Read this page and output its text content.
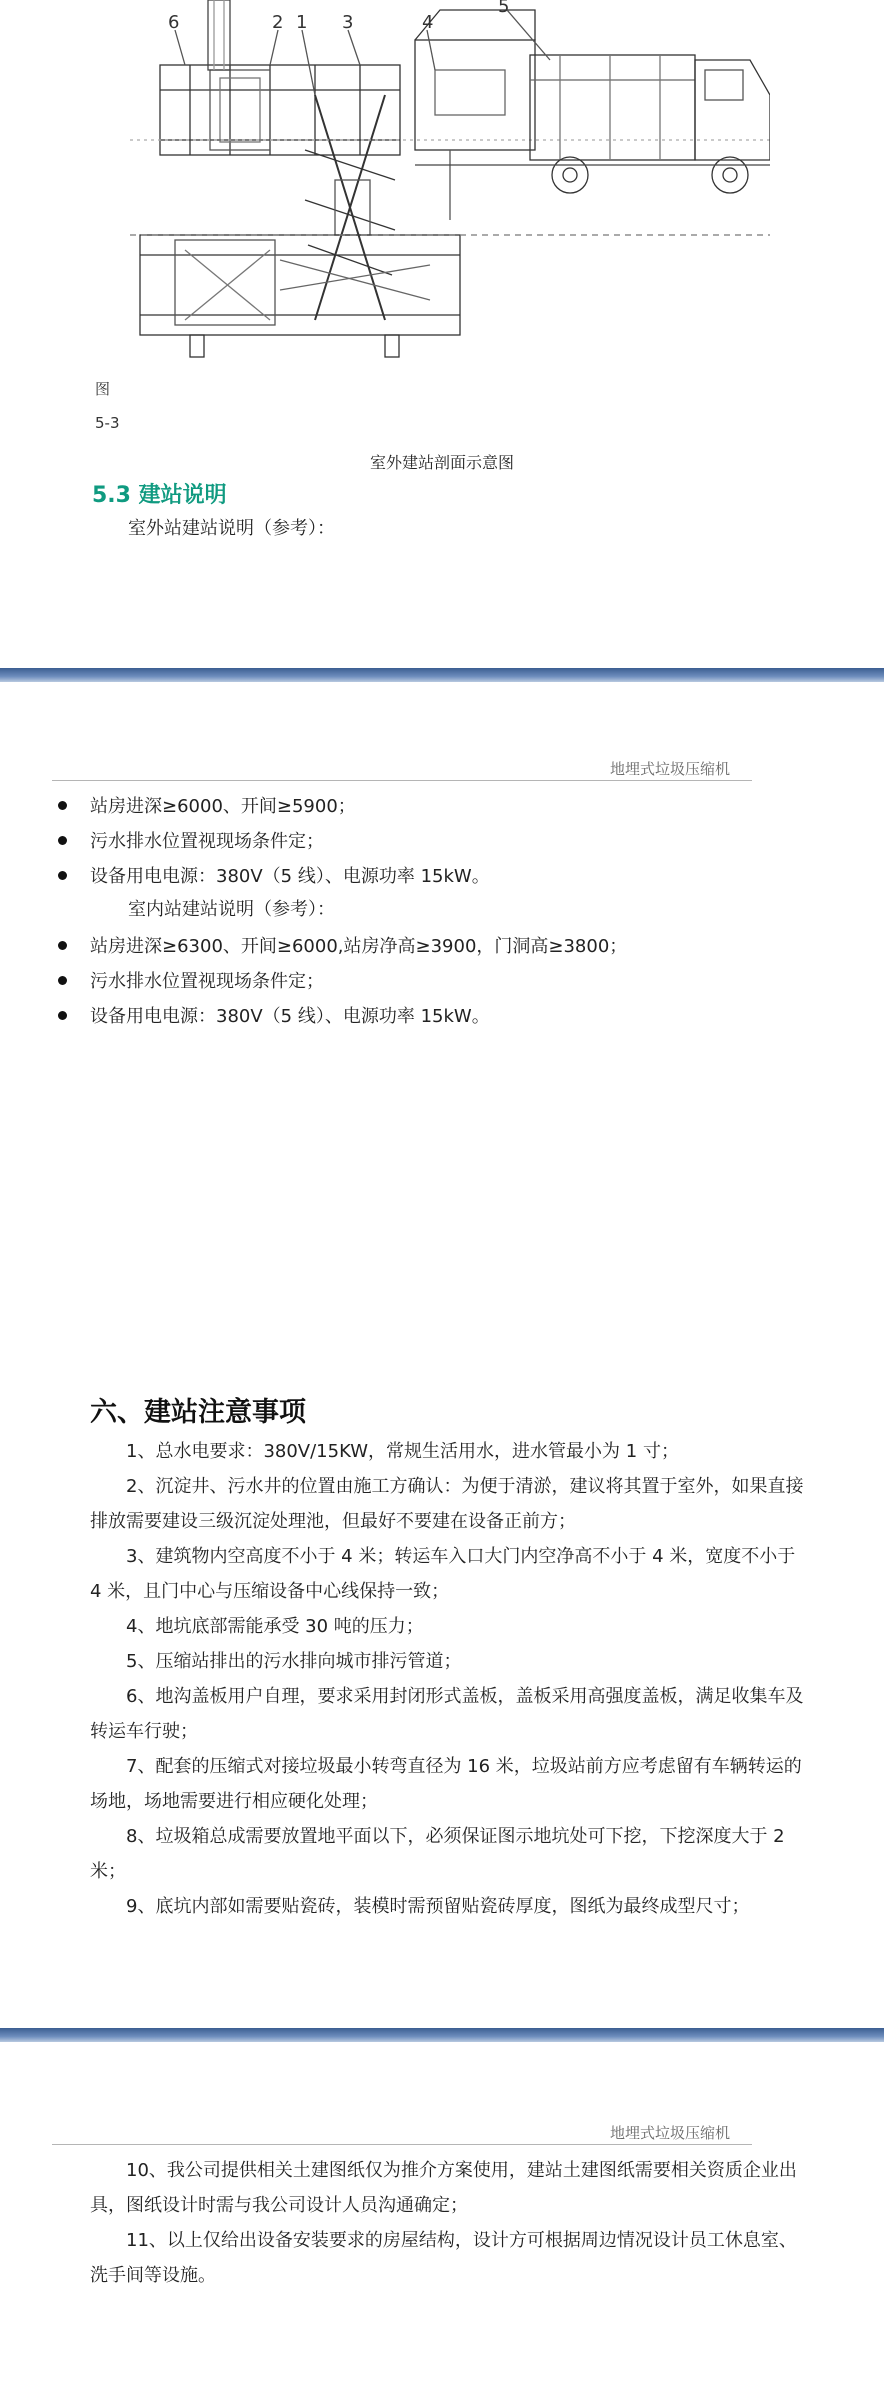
6	2 1 3	4
5
图
5-3
室外建站剖面示意图
5.3 建站说明
室外站建站说明（参考）：
地埋式垃圾压缩机
站房进深≥6000、开间≥5900；
污水排水位置视现场条件定；
设备用电电源：380V（5 线）、电源功率 15kW。
室内站建站说明（参考）：
站房进深≥6300、开间≥6000,站房净高≥3900，门洞高≥3800；
污水排水位置视现场条件定；
设备用电电源：380V（5 线）、电源功率 15kW。
六、建站注意事项
1、总水电要求：380V/15KW，常规生活用水，进水管最小为 1 寸；
2、沉淀井、污水井的位置由施工方确认：为便于清淤，建议将其置于室外，如果直接排放需要建设三级沉淀处理池，但最好不要建在设备正前方；
3、建筑物内空高度不小于 4 米；转运车入口大门内空净高不小于 4 米，宽度不小于 4 米，且门中心与压缩设备中心线保持一致；
4、地坑底部需能承受 30 吨的压力；
5、压缩站排出的污水排向城市排污管道；
6、地沟盖板用户自理，要求采用封闭形式盖板，盖板采用高强度盖板，满足收集车及转运车行驶；
7、配套的压缩式对接垃圾最小转弯直径为 16 米，垃圾站前方应考虑留有车辆转运的场地，场地需要进行相应硬化处理；
8、垃圾箱总成需要放置地平面以下，必须保证图示地坑处可下挖，下挖深度大于 2 米；
9、底坑内部如需要贴瓷砖，装模时需预留贴瓷砖厚度，图纸为最终成型尺寸；
地埋式垃圾压缩机
10、我公司提供相关土建图纸仅为推介方案使用，建站土建图纸需要相关资质企业出具，图纸设计时需与我公司设计人员沟通确定；
11、以上仅给出设备安装要求的房屋结构，设计方可根据周边情况设计员工休息室、洗手间等设施。
